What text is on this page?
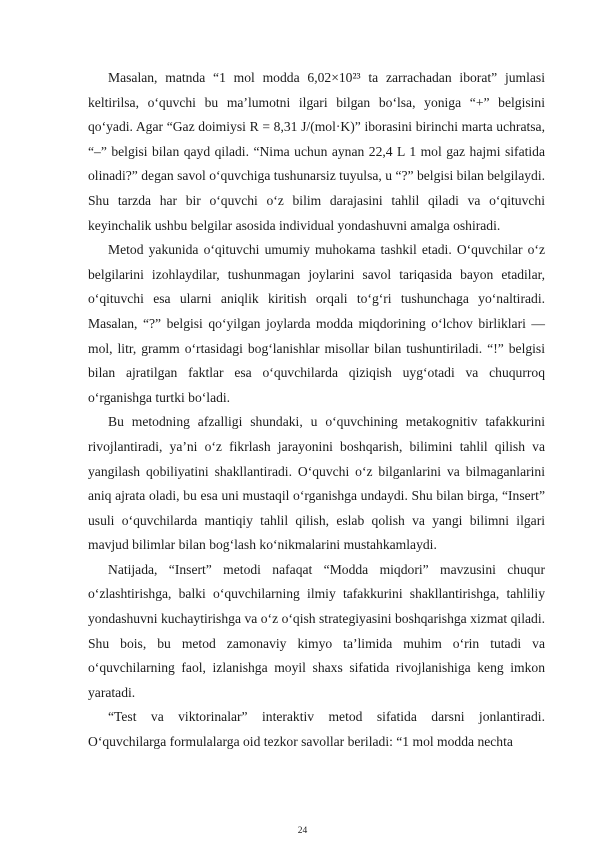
Masalan, matnda “1 mol modda 6,02×10²³ ta zarrachadan iborat” jumlasi keltirilsa, o‘quvchi bu ma’lumotni ilgari bilgan bo‘lsa, yoniga “+” belgisini qo‘yadi. Agar “Gaz doimiysi R = 8,31 J/(mol·K)” iborasini birinchi marta uchratsa, “–” belgisi bilan qayd qiladi. “Nima uchun aynan 22,4 L 1 mol gaz hajmi sifatida olinadi?” degan savol o‘quvchiga tushunarsiz tuyulsa, u “?” belgisi bilan belgilaydi. Shu tarzda har bir o‘quvchi o‘z bilim darajasini tahlil qiladi va o‘qituvchi keyinchalik ushbu belgilar asosida individual yondashuvni amalga oshiradi.

Metod yakunida o‘qituvchi umumiy muhokama tashkil etadi. O‘quvchilar o‘z belgilarini izohlaydilar, tushunmagan joylarini savol tariqasida bayon etadilar, o‘qituvchi esa ularni aniqlik kiritish orqali to‘g‘ri tushunchaga yo‘naltiradi. Masalan, “?” belgisi qo‘yilgan joylarda modda miqdorining o‘lchov birliklari — mol, litr, gramm o‘rtasidagi bog‘lanishlar misollar bilan tushuntiriladi. “!” belgisi bilan ajratilgan faktlar esa o‘quvchilarda qiziqish uyg‘otadi va chuqurroq o‘rganishga turtki bo‘ladi.

Bu metodning afzalligi shundaki, u o‘quvchining metakognitiv tafakkurini rivojlantiradi, ya’ni o‘z fikrlash jarayonini boshqarish, bilimini tahlil qilish va yangilash qobiliyatini shakllantiradi. O‘quvchi o‘z bilganlarini va bilmaganlarini aniq ajrata oladi, bu esa uni mustaqil o‘rganishga undaydi. Shu bilan birga, “Insert” usuli o‘quvchilarda mantiqiy tahlil qilish, eslab qolish va yangi bilimni ilgari mavjud bilimlar bilan bog‘lash ko‘nikmalarini mustahkamlaydi.

Natijada, “Insert” metodi nafaqat “Modda miqdori” mavzusini chuqur o‘zlashtirishga, balki o‘quvchilarning ilmiy tafakkurini shakllantirishga, tahliliy yondashuvni kuchaytirishga va o‘z o‘qish strategiyasini boshqarishga xizmat qiladi. Shu bois, bu metod zamonaviy kimyo ta’limida muhim o‘rin tutadi va o‘quvchilarning faol, izlanishga moyil shaxs sifatida rivojlanishiga keng imkon yaratadi.

“Test va viktorinalar” interaktiv metod sifatida darsni jonlantiradi. O‘quvchilarga formulalarga oid tezkor savollar beriladi: “1 mol modda nechta

24
